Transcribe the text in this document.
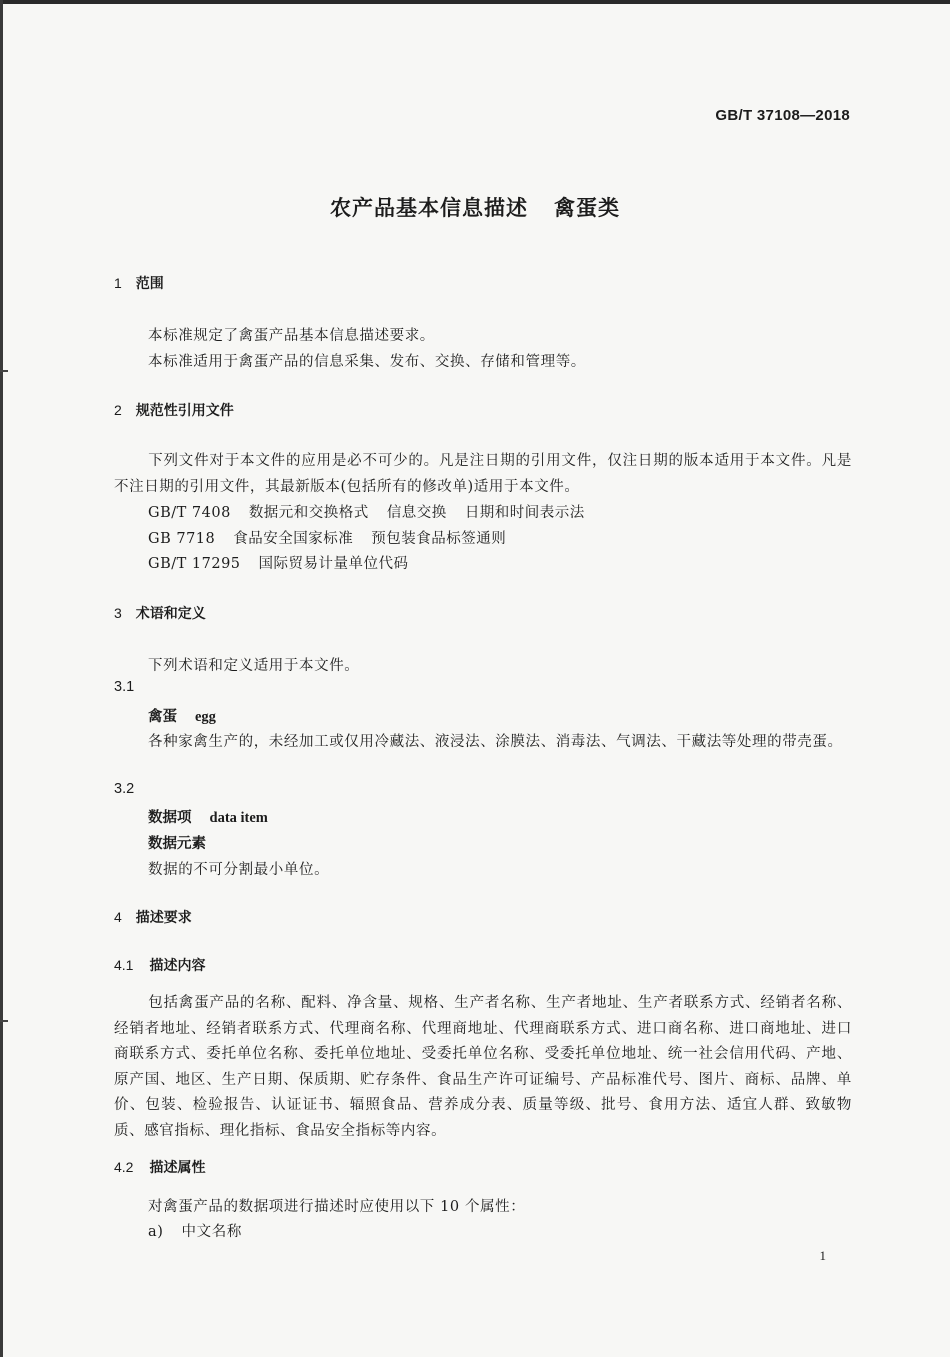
GB/T 37108—2018
农产品基本信息描述 禽蛋类
1 范围
本标准规定了禽蛋产品基本信息描述要求。
本标准适用于禽蛋产品的信息采集、发布、交换、存储和管理等。
2 规范性引用文件
下列文件对于本文件的应用是必不可少的。凡是注日期的引用文件，仅注日期的版本适用于本文件。凡是不注日期的引用文件，其最新版本(包括所有的修改单)适用于本文件。
GB/T 7408 数据元和交换格式 信息交换 日期和时间表示法
GB 7718 食品安全国家标准 预包装食品标签通则
GB/T 17295 国际贸易计量单位代码
3 术语和定义
下列术语和定义适用于本文件。
3.1
禽蛋 egg
各种家禽生产的，未经加工或仅用冷藏法、液浸法、涂膜法、消毒法、气调法、干藏法等处理的带壳蛋。
3.2
数据项 data item
数据元素
数据的不可分割最小单位。
4 描述要求
4.1 描述内容
包括禽蛋产品的名称、配料、净含量、规格、生产者名称、生产者地址、生产者联系方式、经销者名称、经销者地址、经销者联系方式、代理商名称、代理商地址、代理商联系方式、进口商名称、进口商地址、进口商联系方式、委托单位名称、委托单位地址、受委托单位名称、受委托单位地址、统一社会信用代码、产地、原产国、地区、生产日期、保质期、贮存条件、食品生产许可证编号、产品标准代号、图片、商标、品牌、单价、包装、检验报告、认证证书、辐照食品、营养成分表、质量等级、批号、食用方法、适宜人群、致敏物质、感官指标、理化指标、食品安全指标等内容。
4.2 描述属性
对禽蛋产品的数据项进行描述时应使用以下 10 个属性：
a) 中文名称
1
